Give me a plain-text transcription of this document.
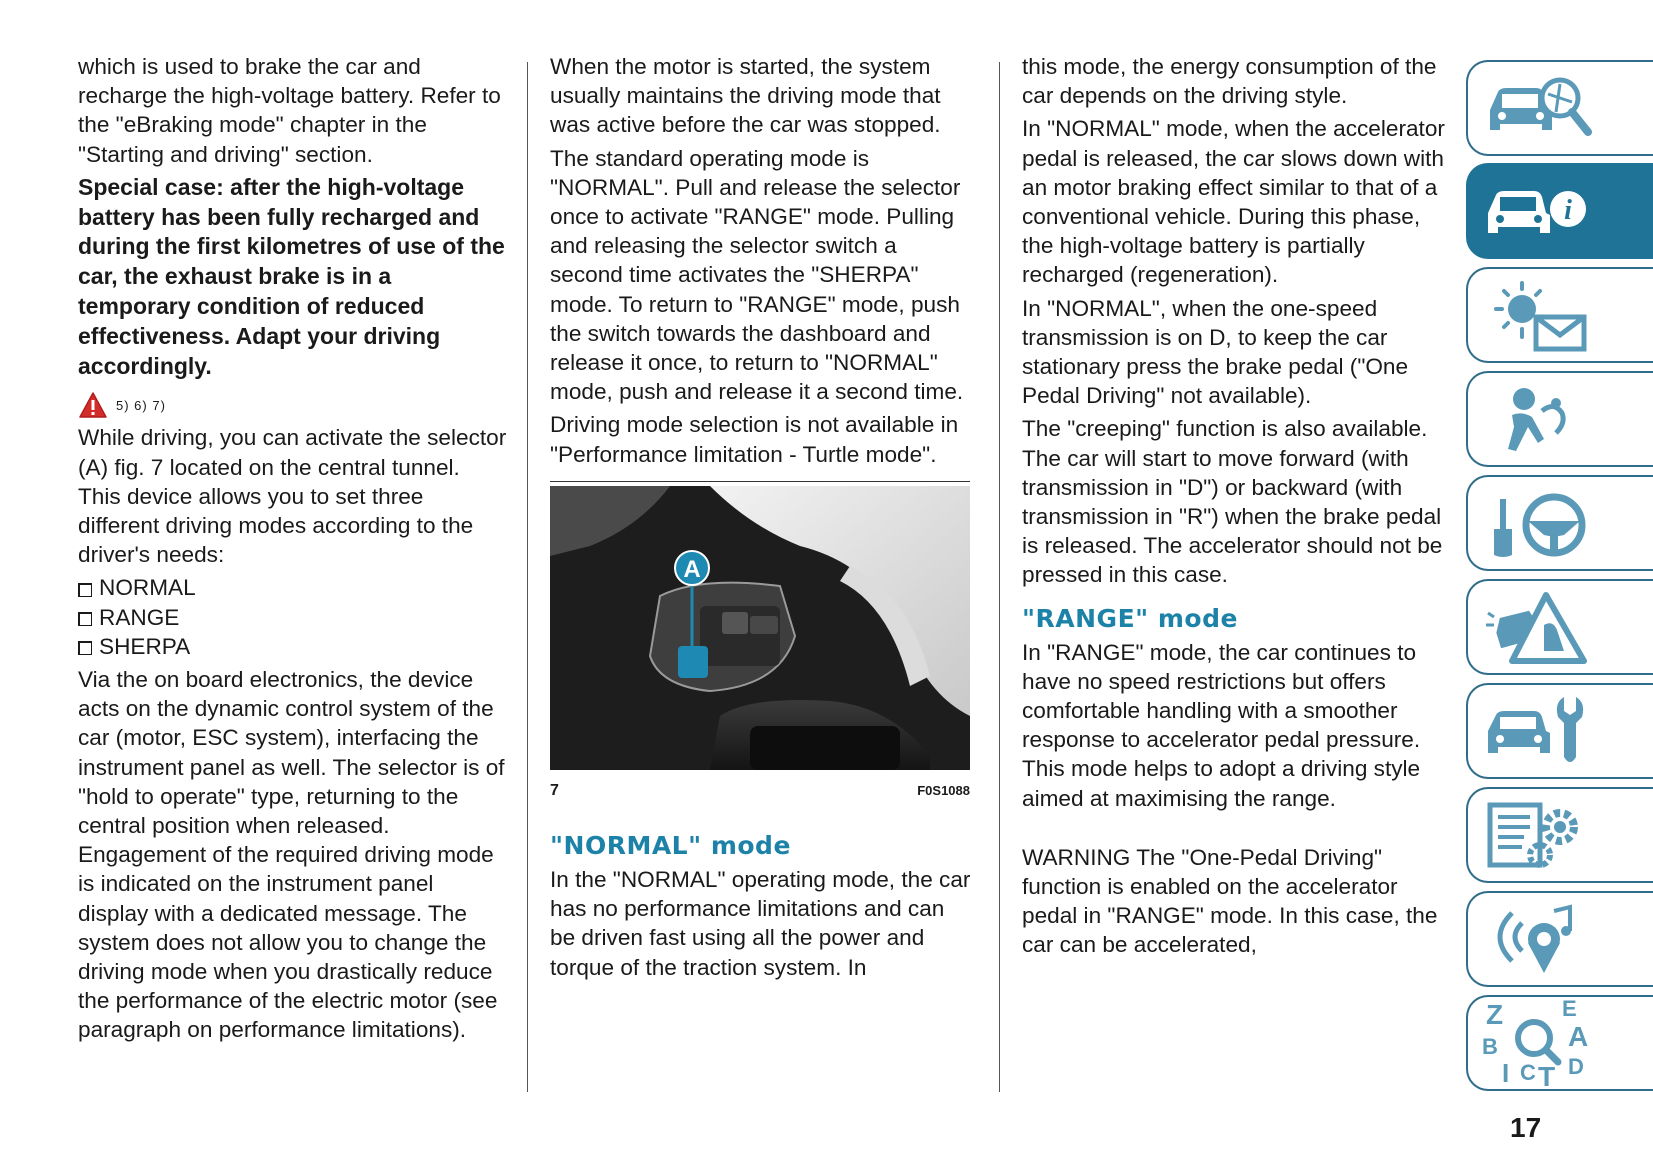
which is used to brake the car and recharge the high-voltage battery. Refer to the "eBraking mode" chapter in the "Starting and driving" section.

Special case: after the high-voltage battery has been fully recharged and during the first kilometres of use of the car, the exhaust brake is in a temporary condition of reduced effectiveness. Adapt your driving accordingly.

5) 6) 7)

While driving, you can activate the selector (A) fig. 7 located on the central tunnel. This device allows you to set three different driving modes according to the driver's needs:

NORMAL
RANGE
SHERPA

Via the on board electronics, the device acts on the dynamic control system of the car (motor, ESC system), interfacing the instrument panel as well. The selector is of "hold to operate" type, returning to the central position when released. Engagement of the required driving mode is indicated on the instrument panel display with a dedicated message. The system does not allow you to change the driving mode when you drastically reduce the performance of the electric motor (see paragraph on performance limitations).

When the motor is started, the system usually maintains the driving mode that was active before the car was stopped.

The standard operating mode is "NORMAL". Pull and release the selector once to activate "RANGE" mode. Pulling and releasing the selector switch a second time activates the "SHERPA" mode. To return to "RANGE" mode, push the switch towards the dashboard and release it once, to return to "NORMAL" mode, push and release it a second time.

Driving mode selection is not available in "Performance limitation - Turtle mode".

A
7	F0S1088

"NORMAL" mode

In the "NORMAL" operating mode, the car has no performance limitations and can be driven fast using all the power and torque of the traction system. In

this mode, the energy consumption of the car depends on the driving style.

In "NORMAL" mode, when the accelerator pedal is released, the car slows down with an motor braking effect similar to that of a conventional vehicle. During this phase, the high-voltage battery is partially recharged (regeneration).

In "NORMAL", when the one-speed transmission is on D, to keep the car stationary press the brake pedal ("One Pedal Driving" not available).

The "creeping" function is also available. The car will start to move forward (with transmission in "D") or backward (with transmission in "R") when the brake pedal is released. The accelerator should not be pressed in this case.

"RANGE" mode

In "RANGE" mode, the car continues to have no speed restrictions but offers comfortable handling with a smoother response to accelerator pedal pressure. This mode helps to adopt a driving style aimed at maximising the range.

WARNING The "One-Pedal Driving" function is enabled on the accelerator pedal in "RANGE" mode. In this case, the car can be accelerated,

i
Z	E
A
B
C T D
I
17
